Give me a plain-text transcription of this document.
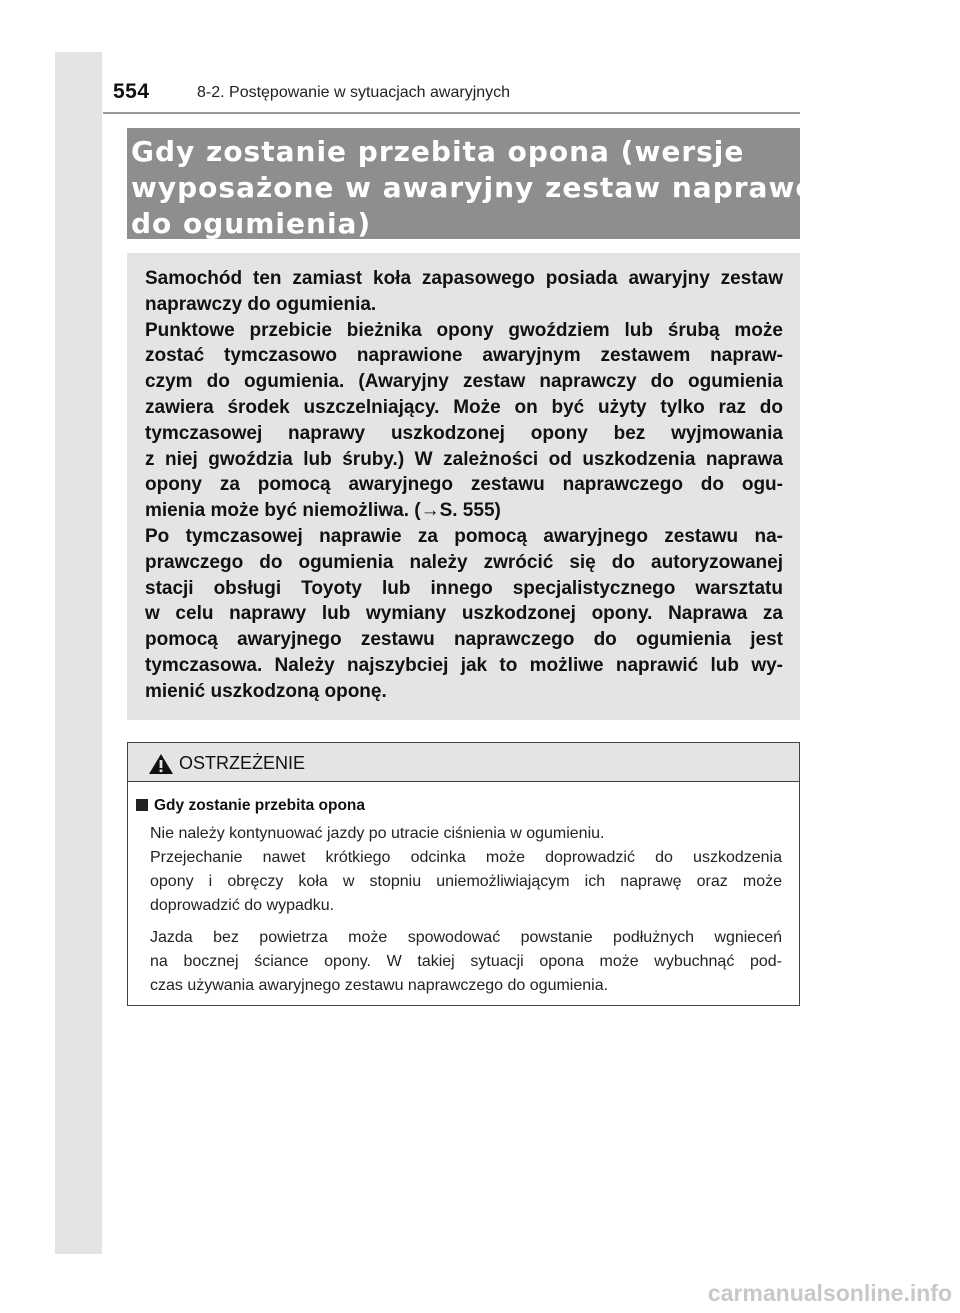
554	8-2. Postępowanie w sytuacjach awaryjnych
Gdy zostanie przebita opona (wersje
wyposażone w awaryjny zestaw naprawczy
do ogumienia)
Samochód ten zamiast koła zapasowego posiada awaryjny zestaw
naprawczy do ogumienia.
Punktowe przebicie bieżnika opony gwoździem lub śrubą może
zostać tymczasowo naprawione awaryjnym zestawem napraw-
czym do ogumienia. (Awaryjny zestaw naprawczy do ogumienia
zawiera środek uszczelniający. Może on być użyty tylko raz do
tymczasowej naprawy uszkodzonej opony bez wyjmowania
z niej gwoździa lub śruby.) W zależności od uszkodzenia naprawa
opony za pomocą awaryjnego zestawu naprawczego do ogu-
mienia może być niemożliwa. (→S. 555)
Po tymczasowej naprawie za pomocą awaryjnego zestawu na-
prawczego do ogumienia należy zwrócić się do autoryzowanej
stacji obsługi Toyoty lub innego specjalistycznego warsztatu
w celu naprawy lub wymiany uszkodzonej opony. Naprawa za
pomocą awaryjnego zestawu naprawczego do ogumienia jest
tymczasowa. Należy najszybciej jak to możliwe naprawić lub wy-
mienić uszkodzoną oponę.
OSTRZEŻENIE
Gdy zostanie przebita opona
Nie należy kontynuować jazdy po utracie ciśnienia w ogumieniu.
Przejechanie nawet krótkiego odcinka może doprowadzić do uszkodzenia
opony i obręczy koła w stopniu uniemożliwiającym ich naprawę oraz może
doprowadzić do wypadku.
Jazda bez powietrza może spowodować powstanie podłużnych wgnieceń
na bocznej ściance opony. W takiej sytuacji opona może wybuchnąć pod-
czas używania awaryjnego zestawu naprawczego do ogumienia.
carmanualsonline.info
